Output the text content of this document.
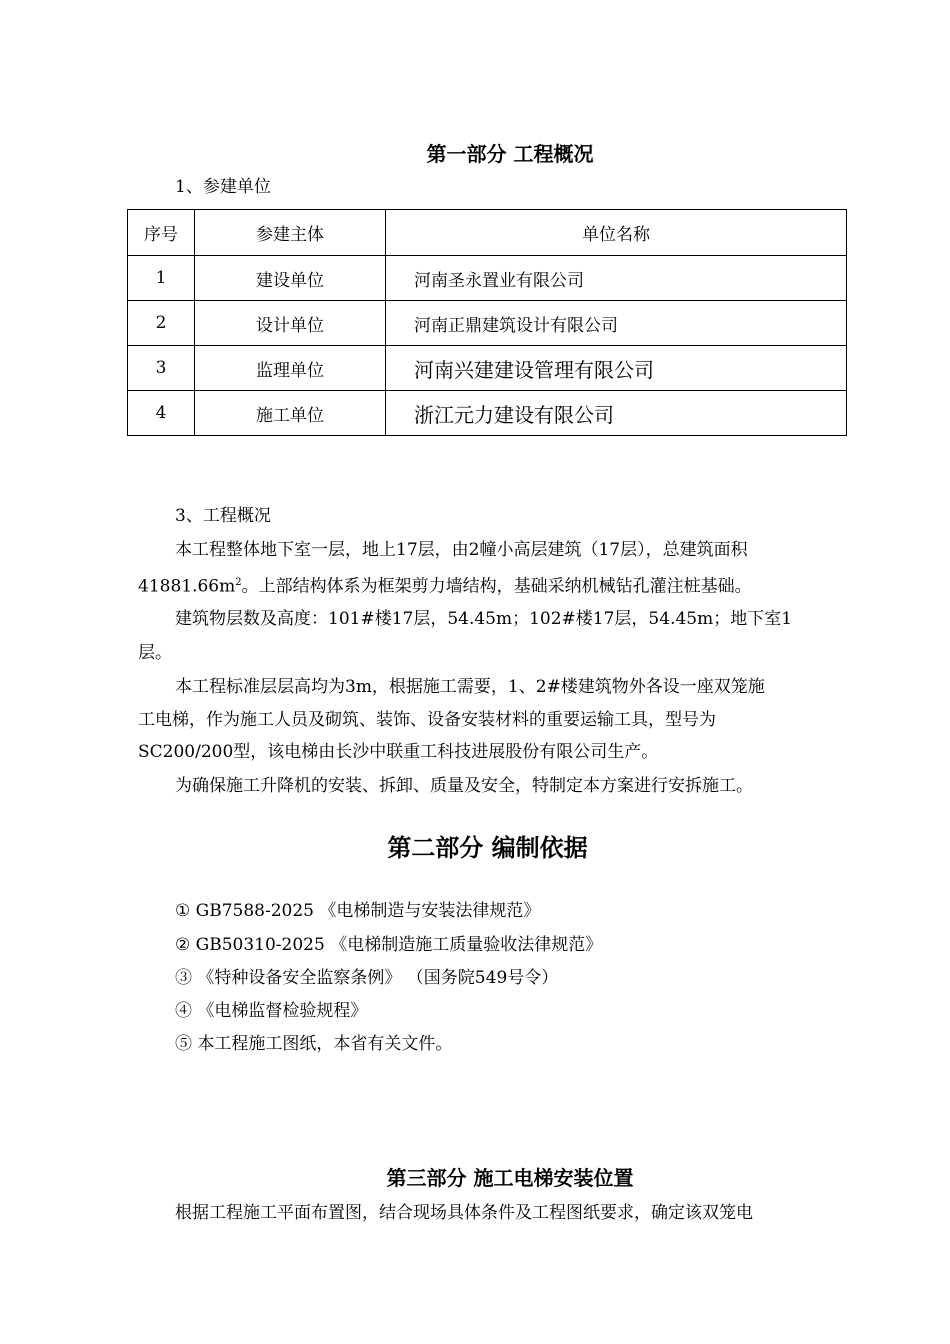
第一部分 工程概况
1、参建单位
序号	参建主体	单位名称
1	建设单位	河南圣永置业有限公司
2	设计单位	河南正鼎建筑设计有限公司
3	监理单位	河南兴建建设管理有限公司
4	施工单位	浙江元力建设有限公司
3、工程概况
本工程整体地下室一层，地上17层，由2幢小高层建筑（17层），总建筑面积
$41881.66m^2$。上部结构体系为框架剪力墙结构，基础采纳机械钻孔灌注桩基础。
建筑物层数及高度：101#楼17层，54.45m；102#楼17层，54.45m；地下室1
层。
本工程标准层层高均为3m，根据施工需要，1、2#楼建筑物外各设一座双笼施
工电梯，作为施工人员及砌筑、装饰、设备安装材料的重要运输工具，型号为
SC200/200型，该电梯由长沙中联重工科技进展股份有限公司生产。
为确保施工升降机的安装、拆卸、质量及安全，特制定本方案进行安拆施工。
第二部分 编制依据
① GB7588-2025 《电梯制造与安装法律规范》
② GB50310-2025 《电梯制造施工质量验收法律规范》
③ 《特种设备安全监察条例》 （国务院549号令）
④ 《电梯监督检验规程》
⑤ 本工程施工图纸，本省有关文件。
第三部分 施工电梯安装位置
根据工程施工平面布置图，结合现场具体条件及工程图纸要求，确定该双笼电
